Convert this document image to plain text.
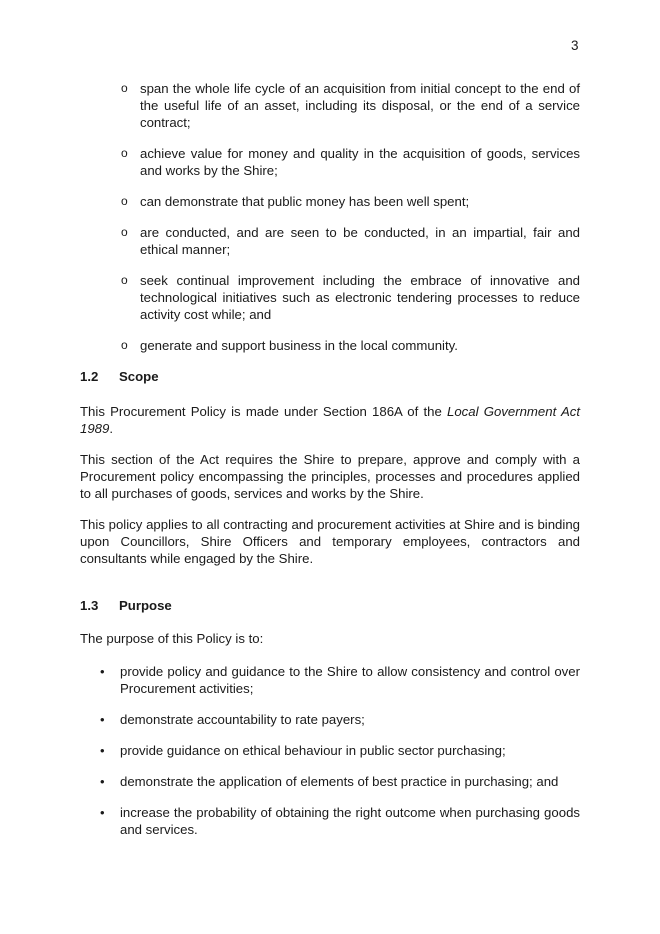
3
o span the whole life cycle of an acquisition from initial concept to the end of the useful life of an asset, including its disposal, or the end of a service contract;
o achieve value for money and quality in the acquisition of goods, services and works by the Shire;
o can demonstrate that public money has been well spent;
o are conducted, and are seen to be conducted, in an impartial, fair and ethical manner;
o seek continual improvement including the embrace of innovative and technological initiatives such as electronic tendering processes to reduce activity cost while; and
o generate and support business in the local community.
1.2	Scope

This Procurement Policy is made under Section 186A of the Local Government Act 1989.

This section of the Act requires the Shire to prepare, approve and comply with a Procurement policy encompassing the principles, processes and procedures applied to all purchases of goods, services and works by the Shire.

This policy applies to all contracting and procurement activities at Shire and is binding upon Councillors, Shire Officers and temporary employees, contractors and consultants while engaged by the Shire.

1.3	Purpose

The purpose of this Policy is to:

• provide policy and guidance to the Shire to allow consistency and control over Procurement activities;
• demonstrate accountability to rate payers;
• provide guidance on ethical behaviour in public sector purchasing;
• demonstrate the application of elements of best practice in purchasing; and
• increase the probability of obtaining the right outcome when purchasing goods and services.
